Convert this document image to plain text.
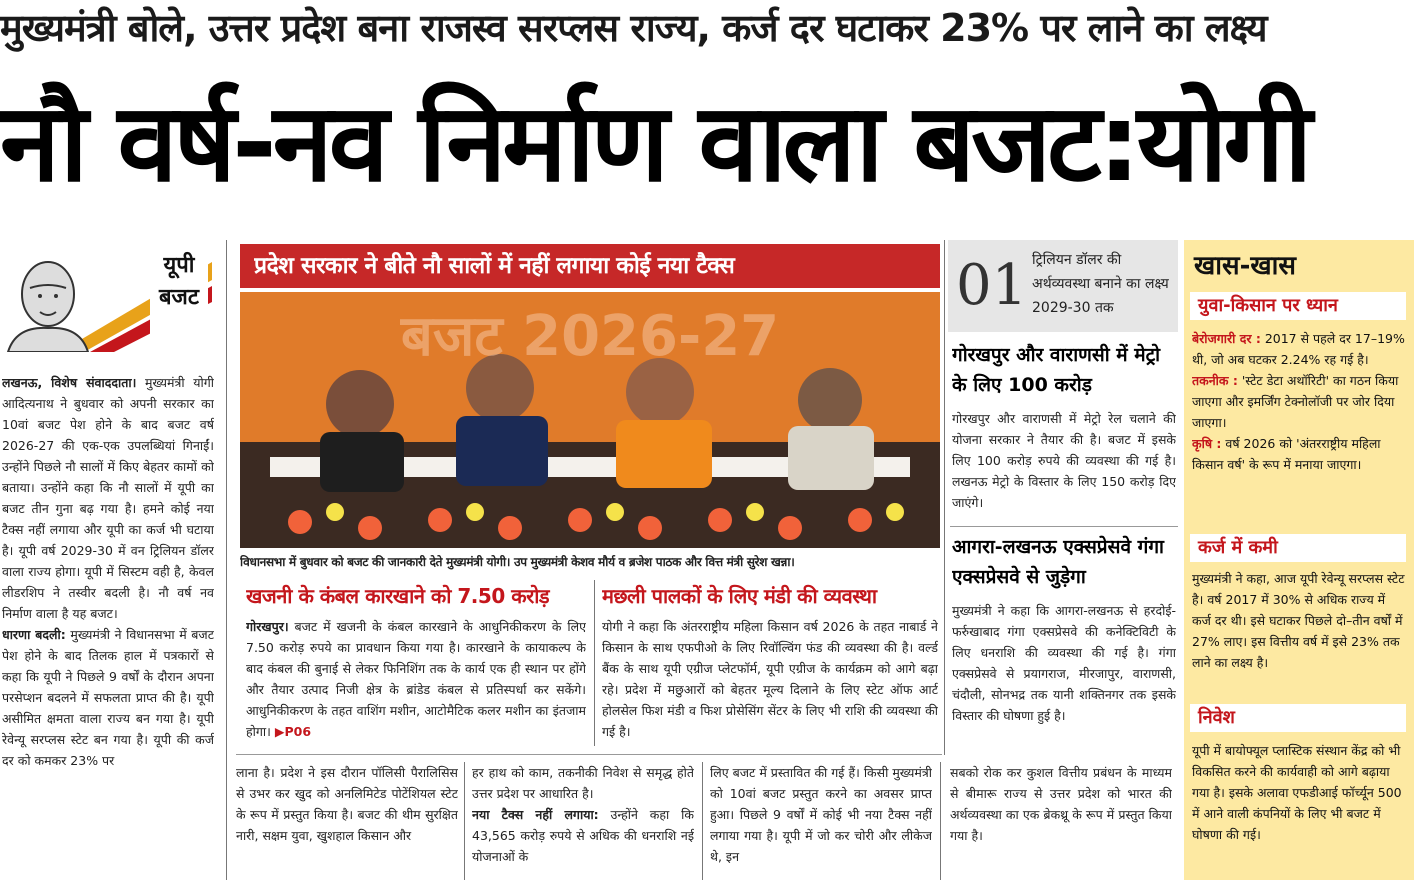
मुख्यमंत्री बोले, उत्तर प्रदेश बना राजस्व सरप्लस राज्य, कर्ज दर घटाकर 23% पर लाने का लक्ष्य
नौ वर्ष-नव निर्माण वाला बजट:योगी
यूपी
बजट
लखनऊ, विशेष संवाददाता। मुख्यमंत्री योगी आदित्यनाथ ने बुधवार को अपनी सरकार का 10वां बजट पेश होने के बाद बजट वर्ष 2026-27 की एक-एक उपलब्धियां गिनाईं। उन्होंने पिछले नौ सालों में किए बेहतर कामों को बताया। उन्होंने कहा कि नौ सालों में यूपी का बजट तीन गुना बढ़ गया है। हमने कोई नया टैक्स नहीं लगाया और यूपी का कर्ज भी घटाया है। यूपी वर्ष 2029-30 में वन ट्रिलियन डॉलर वाला राज्य होगा। यूपी में सिस्टम वही है, केवल लीडरशिप ने तस्वीर बदली है। नौ वर्ष नव निर्माण वाला है यह बजट।
धारणा बदली: मुख्यमंत्री ने विधानसभा में बजट पेश होने के बाद तिलक हाल में पत्रकारों से कहा कि यूपी ने पिछले 9 वर्षों के दौरान अपना परसेप्शन बदलने में सफलता प्राप्त की है। यूपी असीमित क्षमता वाला राज्य बन गया है। यूपी रेवेन्यू सरप्लस स्टेट बन गया है। यूपी की कर्ज दर को कमकर 23% पर
प्रदेश सरकार ने बीते नौ सालों में नहीं लगाया कोई नया टैक्स
बजट 2026-27
विधानसभा में बुधवार को बजट की जानकारी देते मुख्यमंत्री योगी। उप मुख्यमंत्री केशव मौर्य व ब्रजेश पाठक और वित्त मंत्री सुरेश खन्ना।
खजनी के कंबल कारखाने को 7.50 करोड़
गोरखपुर। बजट में खजनी के कंबल कारखाने के आधुनिकीकरण के लिए 7.50 करोड़ रुपये का प्रावधान किया गया है। कारखाने के कायाकल्प के बाद कंबल की बुनाई से लेकर फिनिशिंग तक के कार्य एक ही स्थान पर होंगे और तैयार उत्पाद निजी क्षेत्र के ब्रांडेड कंबल से प्रतिस्पर्धा कर सकेंगे। आधुनिकीकरण के तहत वाशिंग मशीन, आटोमैटिक कलर मशीन का इंतजाम होगा। ▶P06
मछली पालकों के लिए मंडी की व्यवस्था
योगी ने कहा कि अंतरराष्ट्रीय महिला किसान वर्ष 2026 के तहत नाबार्ड ने किसान के साथ एफपीओ के लिए रिवॉल्विंग फंड की व्यवस्था की है। वर्ल्ड बैंक के साथ यूपी एग्रीज प्लेटफॉर्म, यूपी एग्रीज के कार्यक्रम को आगे बढ़ा रहे। प्रदेश में मछुआरों को बेहतर मूल्य दिलाने के लिए स्टेट ऑफ आर्ट होलसेल फिश मंडी व फिश प्रोसेसिंग सेंटर के लिए भी राशि की व्यवस्था की गई है।
01 ट्रिलियन डॉलर की अर्थव्यवस्था बनाने का लक्ष्य 2029-30 तक
गोरखपुर और वाराणसी में मेट्रो के लिए 100 करोड़
गोरखपुर और वाराणसी में मेट्रो रेल चलाने की योजना सरकार ने तैयार की है। बजट में इसके लिए 100 करोड़ रुपये की व्यवस्था की गई है। लखनऊ मेट्रो के विस्तार के लिए 150 करोड़ दिए जाएंगे।
आगरा-लखनऊ एक्सप्रेसवे गंगा एक्सप्रेसवे से जुड़ेगा
मुख्यमंत्री ने कहा कि आगरा-लखनऊ से हरदोई-फर्रुखाबाद गंगा एक्सप्रेसवे की कनेक्टिविटी के लिए धनराशि की व्यवस्था की गई है। गंगा एक्सप्रेसवे से प्रयागराज, मीरजापुर, वाराणसी, चंदौली, सोनभद्र तक यानी शक्तिनगर तक इसके विस्तार की घोषणा हुई है।
खास-खास
युवा-किसान पर ध्यान
बेरोजगारी दर : 2017 से पहले दर 17–19% थी, जो अब घटकर 2.24% रह गई है।
तकनीक : 'स्टेट डेटा अथॉरिटी' का गठन किया जाएगा और इमर्जिंग टेक्नोलॉजी पर जोर दिया जाएगा।
कृषि : वर्ष 2026 को 'अंतरराष्ट्रीय महिला किसान वर्ष' के रूप में मनाया जाएगा।
कर्ज में कमी
मुख्यमंत्री ने कहा, आज यूपी रेवेन्यू सरप्लस स्टेट है। वर्ष 2017 में 30% से अधिक राज्य में कर्ज दर थी। इसे घटाकर पिछले दो–तीन वर्षों में 27% लाए। इस वित्तीय वर्ष में इसे 23% तक लाने का लक्ष्य है।
निवेश
यूपी में बायोफ्यूल प्लास्टिक संस्थान केंद्र को भी विकसित करने की कार्यवाही को आगे बढ़ाया गया है। इसके अलावा एफडीआई फॉर्च्यून 500 में आने वाली कंपनियों के लिए भी बजट में घोषणा की गई।
लाना है। प्रदेश ने इस दौरान पॉलिसी पैरालिसिस से उभर कर खुद को अनलिमिटेड पोटेंशियल स्टेट के रूप में प्रस्तुत किया है। बजट की थीम सुरक्षित नारी, सक्षम युवा, खुशहाल किसान और
हर हाथ को काम, तकनीकी निवेश से समृद्ध होते उत्तर प्रदेश पर आधारित है।
नया टैक्स नहीं लगाया: उन्होंने कहा कि 43,565 करोड़ रुपये से अधिक की धनराशि नई योजनाओं के
लिए बजट में प्रस्तावित की गई हैं। किसी मुख्यमंत्री को 10वां बजट प्रस्तुत करने का अवसर प्राप्त हुआ। पिछले 9 वर्षों में कोई भी नया टैक्स नहीं लगाया गया है। यूपी में जो कर चोरी और लीकेज थे, इन
सबको रोक कर कुशल वित्तीय प्रबंधन के माध्यम से बीमारू राज्य से उत्तर प्रदेश को भारत की अर्थव्यवस्था का एक ब्रेकथ्रू के रूप में प्रस्तुत किया गया है।
